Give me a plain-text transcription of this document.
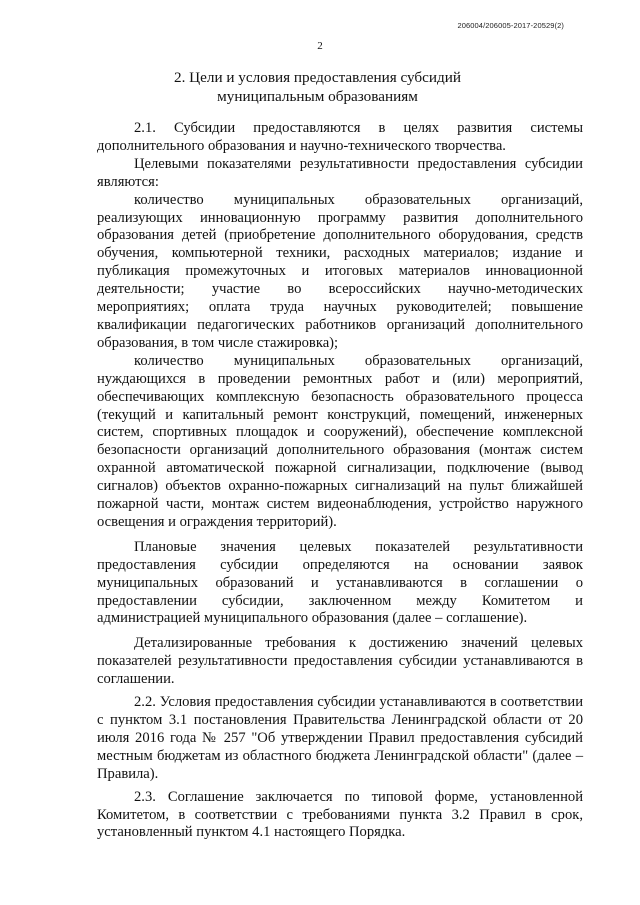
206004/206005-2017-20529(2)
2
2. Цели и условия предоставления субсидий
муниципальным образованиям

2.1. Субсидии предоставляются в целях развития системы дополнительного образования и научно-технического творчества.

Целевыми показателями результативности предоставления субсидии являются:

количество муниципальных образовательных организаций, реализующих инновационную программу развития дополнительного образования детей (приобретение дополнительного оборудования, средств обучения, компьютерной техники, расходных материалов; издание и публикация промежуточных и итоговых материалов инновационной деятельности; участие во всероссийских научно-методических мероприятиях; оплата труда научных руководителей; повышение квалификации педагогических работников организаций дополнительного образования, в том числе стажировка);

количество муниципальных образовательных организаций, нуждающихся в проведении ремонтных работ и (или) мероприятий, обеспечивающих комплексную безопасность образовательного процесса (текущий и капитальный ремонт конструкций, помещений, инженерных систем, спортивных площадок и сооружений), обеспечение комплексной безопасности организаций дополнительного образования (монтаж систем охранной автоматической пожарной сигнализации, подключение (вывод сигналов) объектов охранно-пожарных сигнализаций на пульт ближайшей пожарной части, монтаж систем видеонаблюдения, устройство наружного освещения и ограждения территорий).

Плановые значения целевых показателей результативности предоставления субсидии определяются на основании заявок муниципальных образований и устанавливаются в соглашении о предоставлении субсидии, заключенном между Комитетом и администрацией муниципального образования (далее – соглашение).

Детализированные требования к достижению значений целевых показателей результативности предоставления субсидии устанавливаются в соглашении.

2.2. Условия предоставления субсидии устанавливаются в соответствии с пунктом 3.1 постановления Правительства Ленинградской области от 20 июля 2016 года № 257 "Об утверждении Правил предоставления субсидий местным бюджетам из областного бюджета Ленинградской области" (далее – Правила).

2.3. Соглашение заключается по типовой форме, установленной Комитетом, в соответствии с требованиями пункта 3.2 Правил в срок, установленный пунктом 4.1 настоящего Порядка.
